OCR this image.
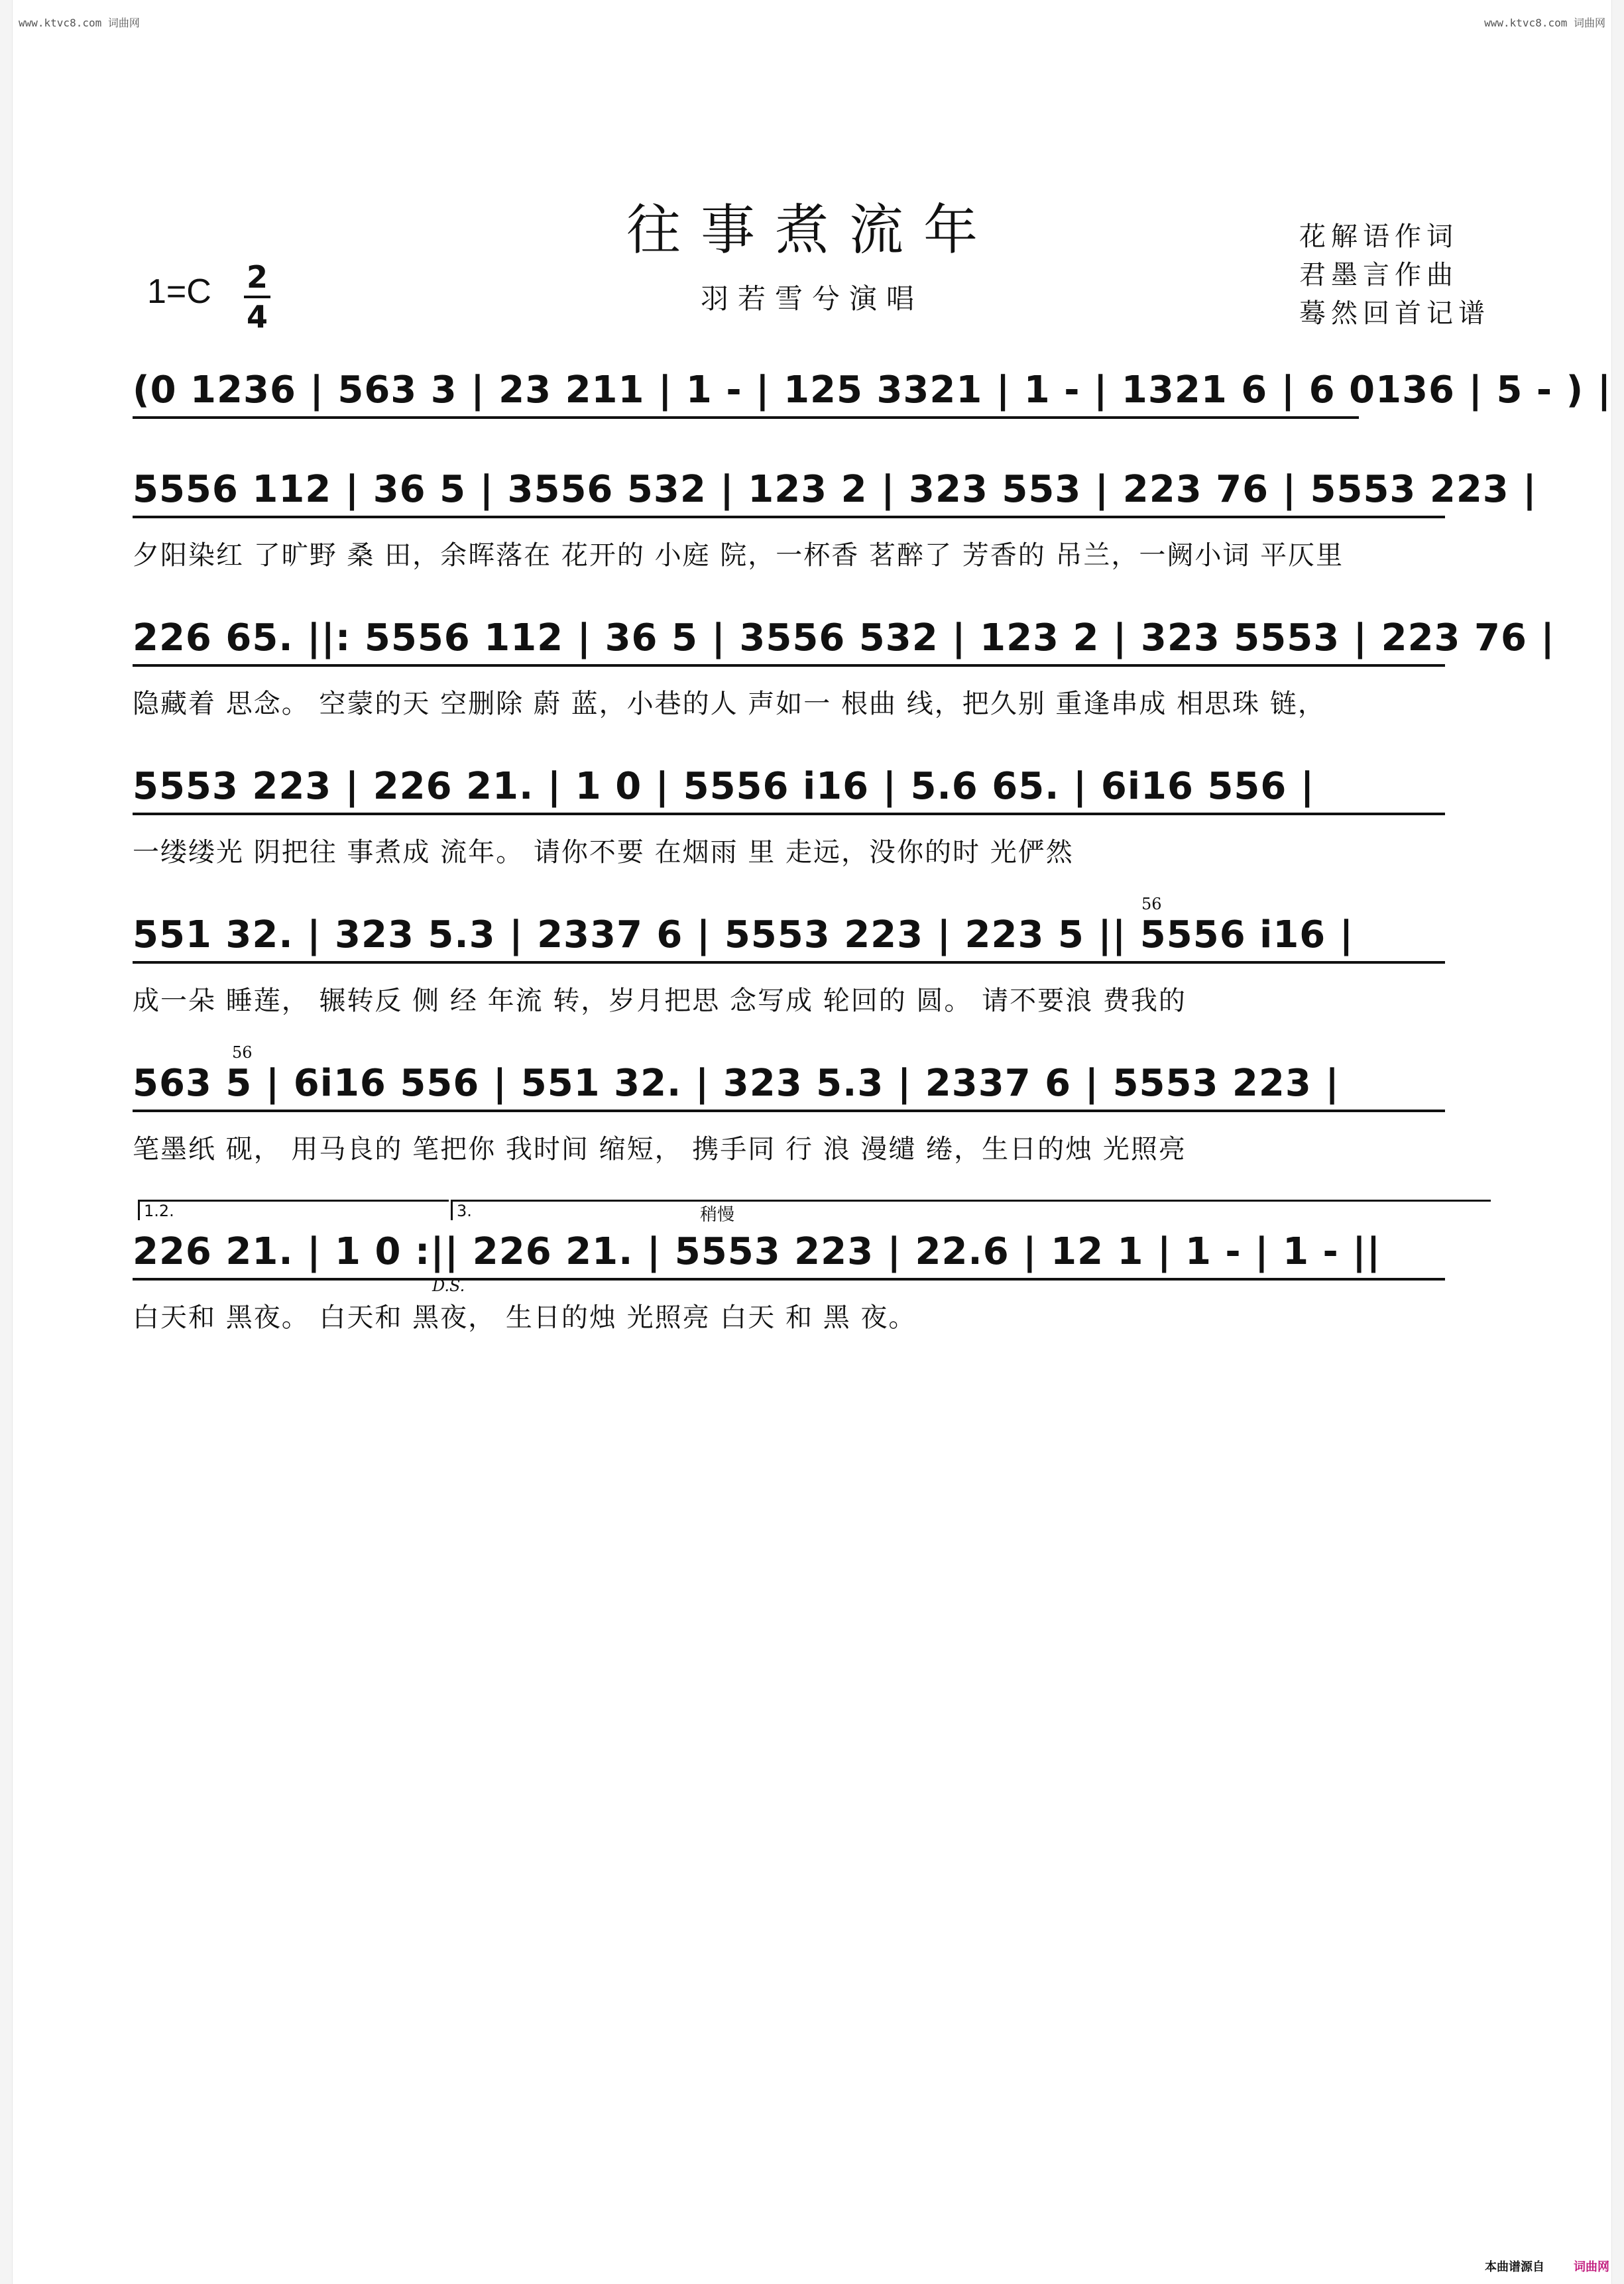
www.ktvc8.com 词曲网	www.ktvc8.com 词曲网
往事煮流年
1=C 2
4
羽若雪兮演唱
花解语作词
君墨言作曲
蓦然回首记谱
(0 1236 | 563 3 | 23 211 | 1 - | 125 3321 | 1 - | 1321 6 | 6 0136 | 5 - ) |
5556 112 | 36 5 | 3556 532 | 123 2 | 323 553 | 223 76 | 5553 223 |
夕阳染红 了旷野 桑 田，余晖落在 花开的 小庭 院，一杯香 茗醉了 芳香的 吊兰，一阙小词 平仄里
226 65. ||: 5556 112 | 36 5 | 3556 532 | 123 2 | 323 5553 | 223 76 |
隐藏着 思念。 空蒙的天 空删除 蔚 蓝，小巷的人 声如一 根曲 线，把久别 重逢串成 相思珠 链，
5553 223 | 226 21. | 1 0 | 5556 i16 | 5.6 65. | 6i16 556 |
一缕缕光 阴把往 事煮成 流年。 请你不要 在烟雨 里 走远，没你的时 光俨然
551 32. | 323 5.3 | 2337 6 | 5553 223 | 223 5 || 5556 i16 |
成一朵 睡莲， 辗转反 侧 经 年流 转，岁月把思 念写成 轮回的 圆。 请不要浪 费我的
563 5 | 6i16 556 | 551 32. | 323 5.3 | 2337 6 | 5553 223 |
笔墨纸 砚， 用马良的 笔把你 我时间 缩短， 携手同 行 浪 漫缱 绻，生日的烛 光照亮
226 21. | 1 0 :|| 226 21. | 5553 223 | 22.6 | 12 1 | 1 - | 1 - ||
白天和 黑夜。 白天和 黑夜， 生日的烛 光照亮 白天 和 黑 夜。
1.2.	3.	稍慢
D.S.
56
56
本曲谱源自 词曲网
